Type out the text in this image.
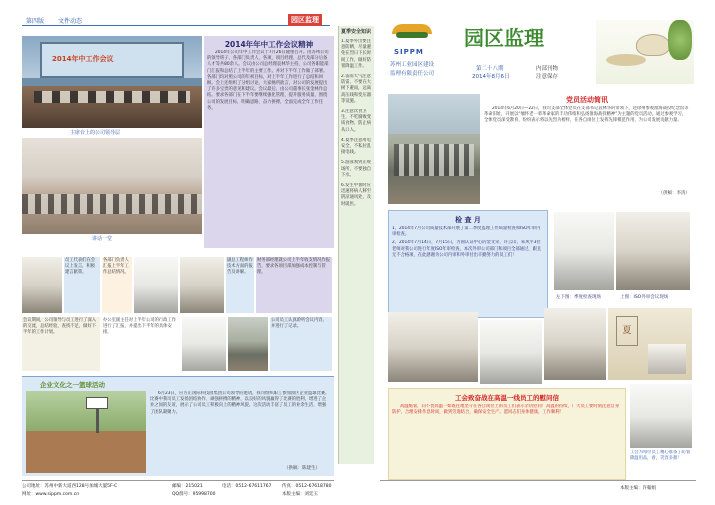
第四版 文件动态	园区监理
2014年中工作会议
主席台上的公司领导层
2014年年中工作会议精神
2014年公司年中工作会议于7月26日隆重召开。由苏州公司的领导班子、各部门负责人、各项、项目经理、总代及部分后备人才等共80余人。会议由公司总经理袁林华主持，公司各职能部门汇报和总结了上半年的主要工作。并对下半年工作做了部署。各部门均对照公司的年初目标，对上半年工作进行了总结和回顾。会上还组织了分组讨论，大家畅所欲言，对公司的发展提出了许多宝贵的意见和建议。会议最后，由公司董事长张金林作总结。要求各部门在下半年要继续强化管理，提升服务质量，围绕公司的发展目标，明确思路，奋力拼搏，全面完成全年工作任务。
讲话一堂
员工代表们在会议上发言，积极建言献策。
各部门负责人汇报上半年工作总结情况。
副总工程师作技术方面的报告及讲解。
财务部经理就公司上半年收支情况作报告，要求各项目部加强成本控制与管理。
会议期间，公司领导与员工进行了深入的交流，总结经验，查找不足，做好下半年的工作计划。
办公室副主任对上半年公司的行政工作进行了汇报，并提出下半年的具体安排。
公司员工认真聆听会议内容，并进行了记录。
企业文化之一篮球活动
6月23日，应方正国际科技园集团公司领导的邀请，我司组织职工参加园区企业篮球比赛。比赛中我司员工发扬团结协作、顽强拼搏的精神，以良好的风貌赢得了比赛的胜利，增进了企业之间的友谊，展示了公司员工积极向上的精神风貌。这次活动丰富了员工的业余生活，增强了团队凝聚力。
（供稿：陈建生）
公司地址：苏州中新大道西128号加城大厦5F-C	邮编：215021	电话：0512-67611767 传真：0512-67618780
网址：www.sippm.com.cn	QQ群号：95998700	本版主编：刘廷玉
夏季安全知识
1.夏季外出要注意防晒，尽量避免在烈日下长时间工作，做好防暑降温工作。
2.雷雨天气注意防雷，不要在大树下避雨，远离高压线和变压器等设施。
3.注意饮食卫生，不吃腐败变质食物，防止病从口入。
4.夏季注意用电安全，不私拉乱接电线。
5.游泳须到正规场所，不要独自下水。
6.发生中暑时应迅速将病人移至阴凉通风处，及时就医。
SIPPM
苏州工业园区建设
监理有限责任公司
园区监理
第二十八期
2014年8月6日
内部刊物
注意保存
党员活动简讯
2014年6月20日—22日，我司支部全体党员在支部书记袁林华的带领下，赴徐州参观淮海战役纪念馆等革命旧址，开展以“缅怀老一辈革命家的丰功伟绩和弘扬淮海战役精神”为主题的党员活动。通过参观学习，全体党员深受教育，纷纷表示将以先烈为榜样，在各自岗位上发挥先锋模范作用，为公司发展贡献力量。
（供稿：李清）
检 查 月
1、2014年7月公司质量技术部开展了第二季度监理工作质量检查和ISO年审内审检查。
2、2014年7月14日、7月15日，方圆认证中心的金文荣、许云山、朱风平3位老师对我公司进行年度ISO年审检查，本次外审公司部门和项目全部通过，跟且无不合格项，在此感谢为公司内审和外审付出辛勤努力的员工们！
左下图：季度检查现场	上图：ISO外审会议现场
夏
工会致奋战在高温一线员工的慰问信
高温酷暑，向不畏高温一如既往地坚守在各自岗位上的员工们表示亲切慰问！高温的持续，广大员工要时刻注意自身防护，合理安排作息时间，做到劳逸结合，确保安全生产。愿同志们身体健康，工作顺利！
工会为每位员工精心准备了防暑降温用品，看，笑容多甜！
本版主编：许翰娟
